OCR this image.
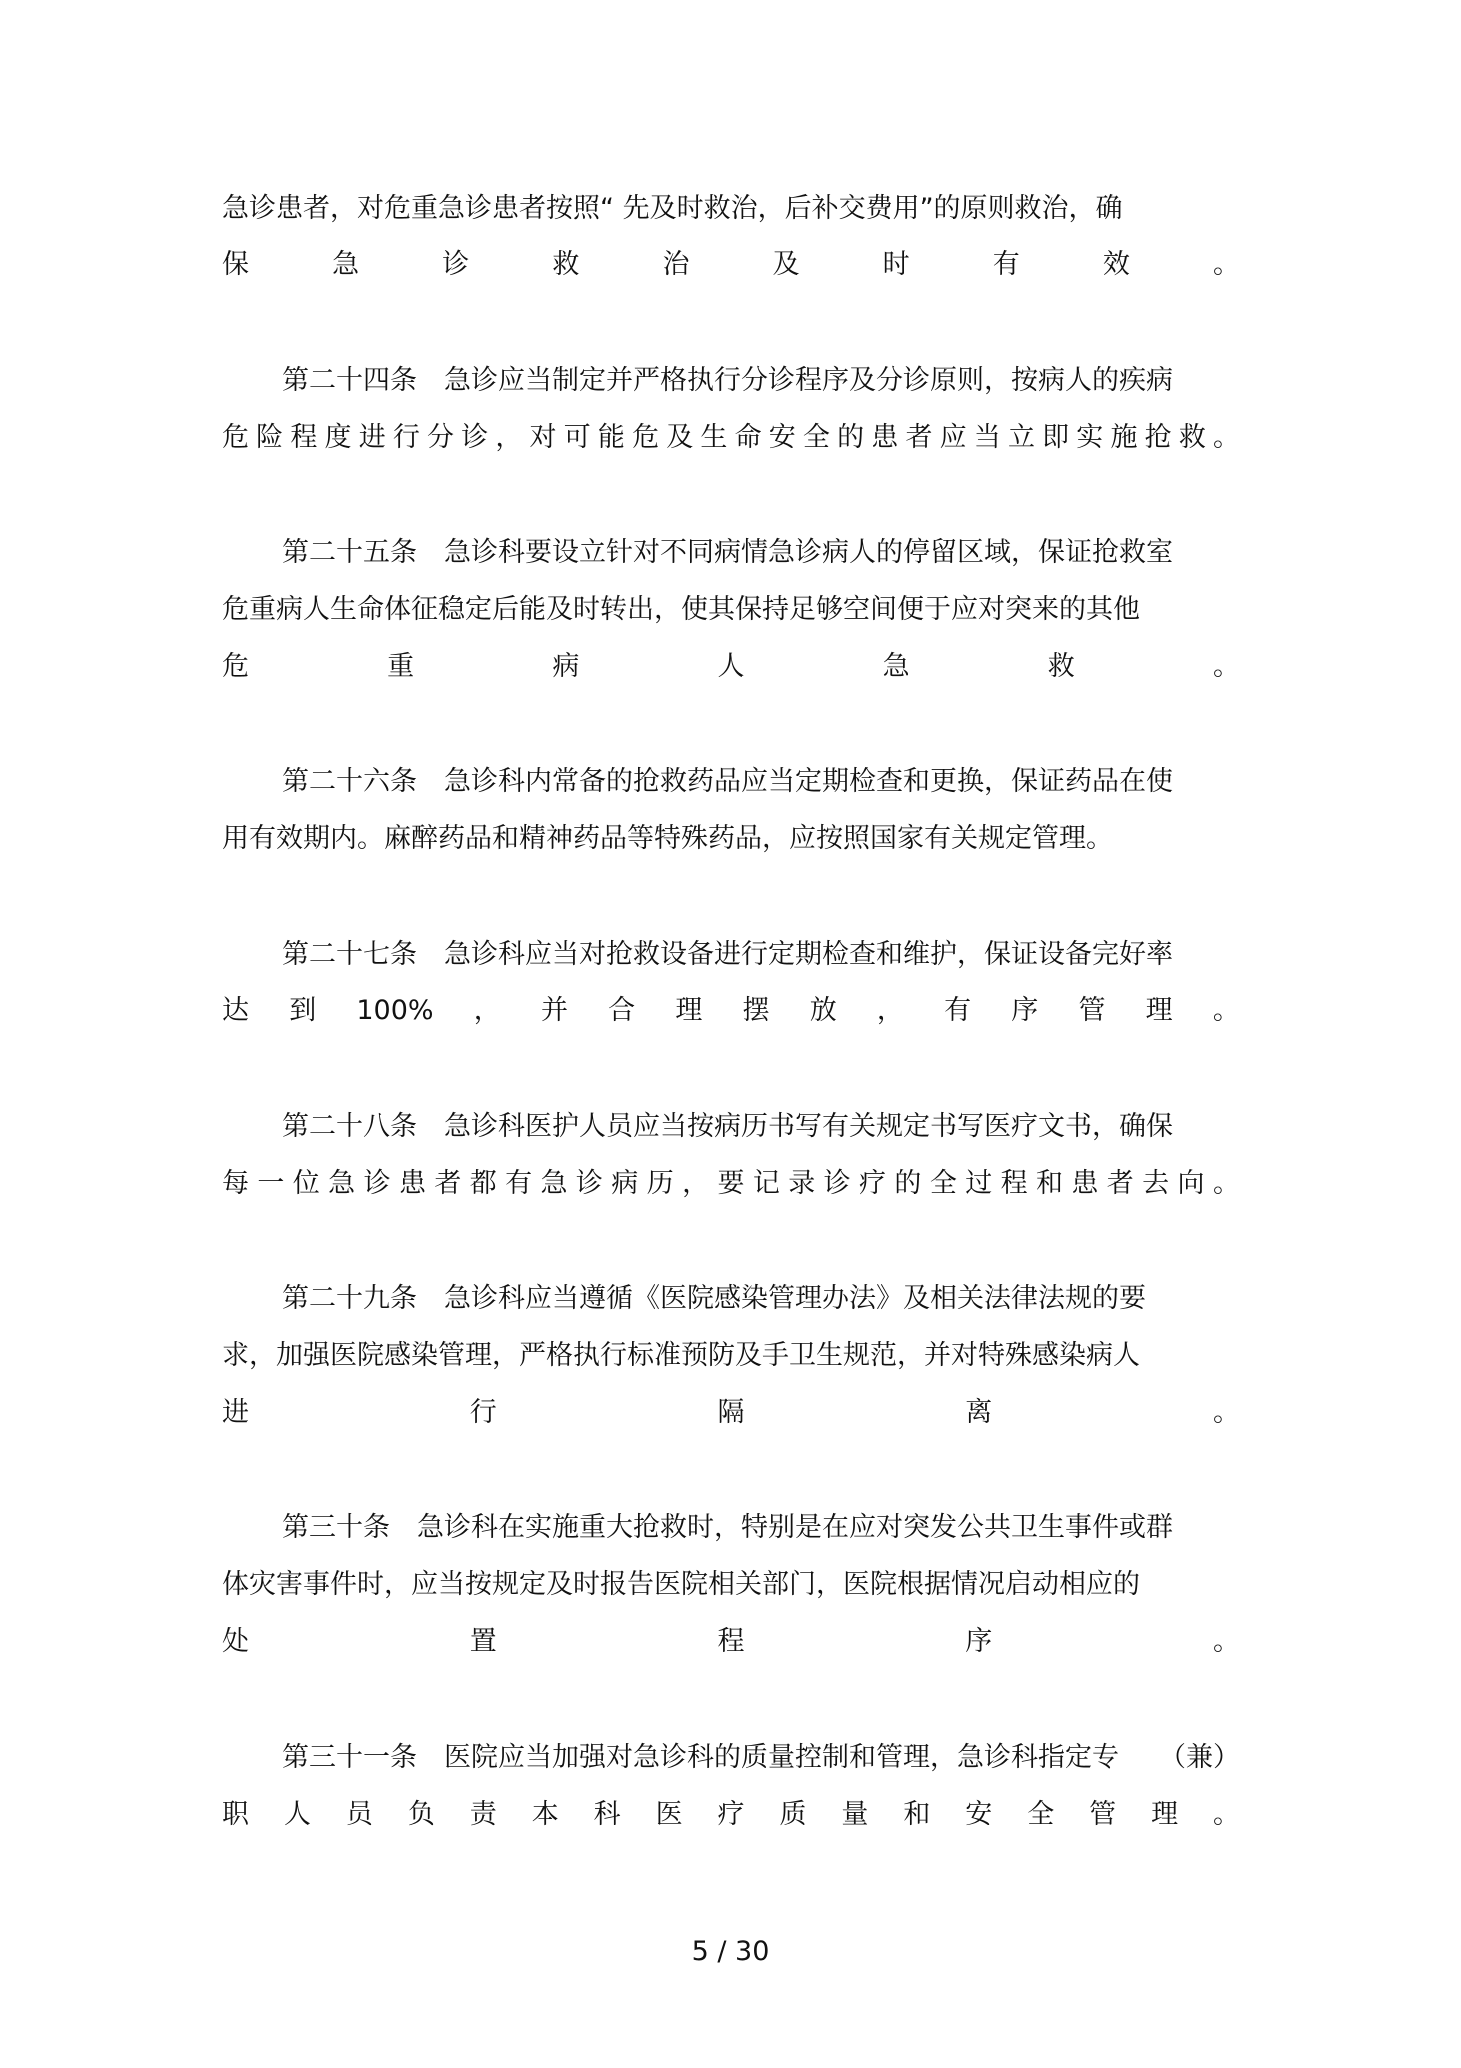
急诊患者，对危重急诊患者按照“ 先及时救治，后补交费用”的原则救治，确
保	急	诊	救	治	及	时	有	效	。
第二十四条　急诊应当制定并严格执行分诊程序及分诊原则，按病人的疾病
危 险 程 度 进 行 分 诊 ， 对 可 能 危 及 生 命 安 全 的 患 者 应 当 立 即 实 施 抢 救 。
第二十五条　急诊科要设立针对不同病情急诊病人的停留区域，保证抢救室
危重病人生命体征稳定后能及时转出，使其保持足够空间便于应对突来的其他
危	重	病	人	急	救	。
第二十六条　急诊科内常备的抢救药品应当定期检查和更换，保证药品在使
用有效期内。麻醉药品和精神药品等特殊药品，应按照国家有关规定管理。
第二十七条　急诊科应当对抢救设备进行定期检查和维护，保证设备完好率
达 到 100% ， 并 合 理 摆 放 ， 有 序 管 理 。
第二十八条　急诊科医护人员应当按病历书写有关规定书写医疗文书，确保
每 一 位 急 诊 患 者 都 有 急 诊 病 历 ， 要 记 录 诊 疗 的 全 过 程 和 患 者 去 向 。
第二十九条　急诊科应当遵循《医院感染管理办法》及相关法律法规的要
求，加强医院感染管理，严格执行标准预防及手卫生规范，并对特殊感染病人
进	行	隔	离	。
第三十条　急诊科在实施重大抢救时，特别是在应对突发公共卫生事件或群
体灾害事件时，应当按规定及时报告医院相关部门，医院根据情况启动相应的
处	置	程	序	。
第三十一条　医院应当加强对急诊科的质量控制和管理，急诊科指定专 （兼）
职 人 员 负 责 本 科 医 疗 质 量 和 安 全 管 理 。
5 / 30
